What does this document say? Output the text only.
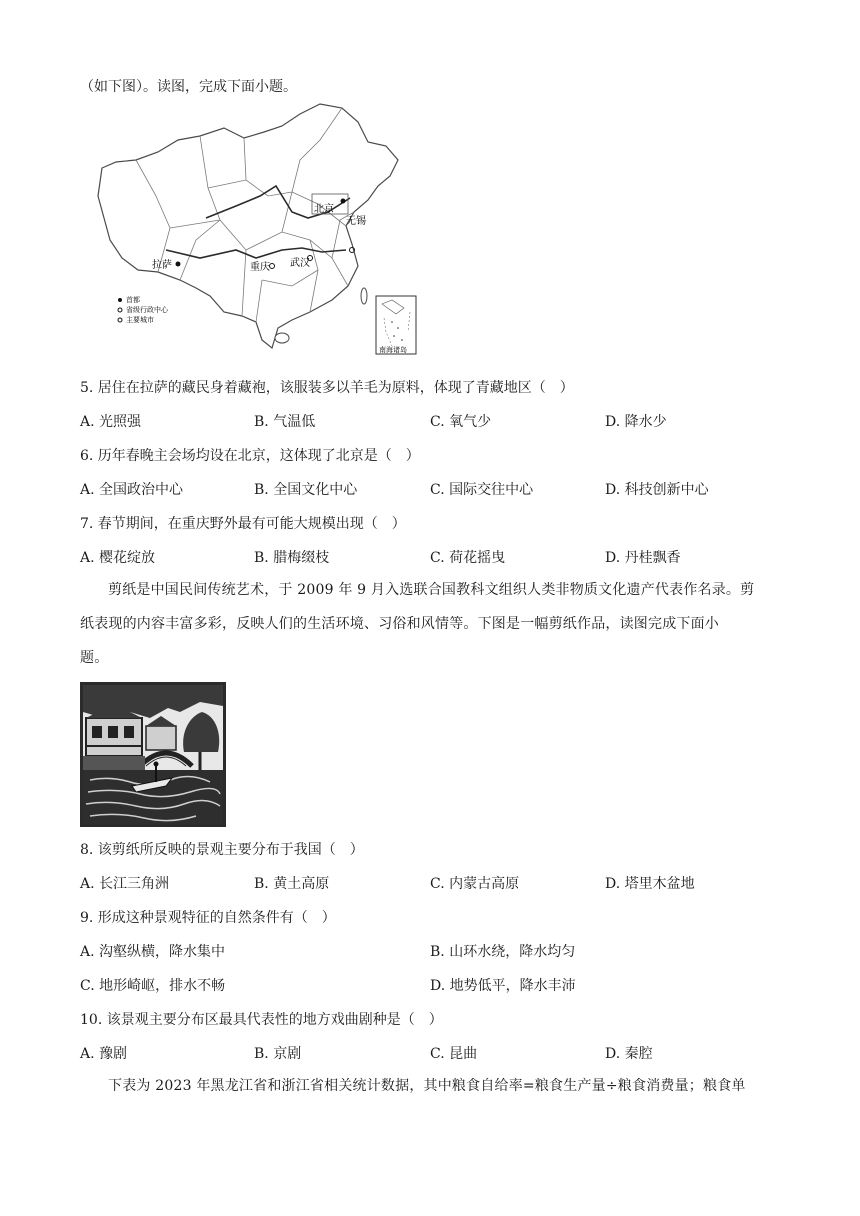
（如下图）。读图，完成下面小题。
北京
无锡
武汉
重庆
拉萨
首都
省级行政中心
主要城市
南海诸岛
5. 居住在拉萨的藏民身着藏袍，该服装多以羊毛为原料，体现了青藏地区（　）
A. 光照强	B. 气温低	C. 氧气少	D. 降水少
6. 历年春晚主会场均设在北京，这体现了北京是（　）
A. 全国政治中心	B. 全国文化中心	C. 国际交往中心	D. 科技创新中心
7. 春节期间，在重庆野外最有可能大规模出现（　）
A. 樱花绽放	B. 腊梅缀枝	C. 荷花摇曳	D. 丹桂飘香
剪纸是中国民间传统艺术，于 2009 年 9 月入选联合国教科文组织人类非物质文化遗产代表作名录。剪
纸表现的内容丰富多彩，反映人们的生活环境、习俗和风情等。下图是一幅剪纸作品，读图完成下面小
题。
8. 该剪纸所反映的景观主要分布于我国（　）
A. 长江三角洲	B. 黄土高原	C. 内蒙古高原	D. 塔里木盆地
9. 形成这种景观特征的自然条件有（　）
A. 沟壑纵横，降水集中	B. 山环水绕，降水均匀
C. 地形崎岖，排水不畅	D. 地势低平，降水丰沛
10. 该景观主要分布区最具代表性的地方戏曲剧种是（　）
A. 豫剧	B. 京剧	C. 昆曲	D. 秦腔
下表为 2023 年黑龙江省和浙江省相关统计数据，其中粮食自给率=粮食生产量÷粮食消费量；粮食单
